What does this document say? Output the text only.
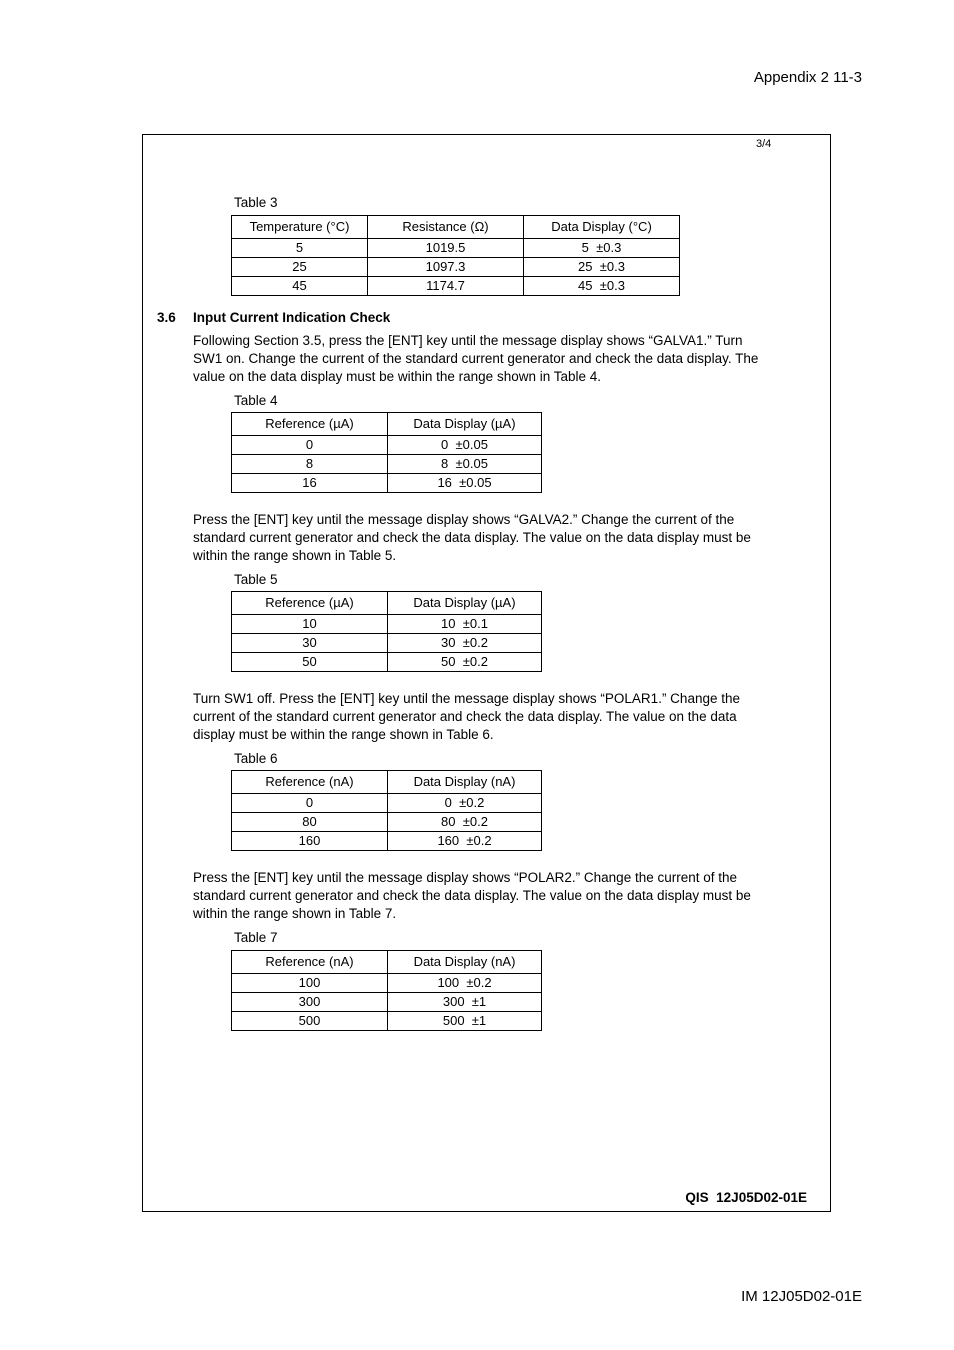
Appendix 2 11-3
3/4
Table 3
Temperature (°C)	Resistance (Ω)	Data Display (°C)
5	1019.5	5  ±0.3
25	1097.3	25  ±0.3
45	1174.7	45  ±0.3
3.6 Input Current Indication Check
Following Section 3.5, press the [ENT] key until the message display shows “GALVA1.” Turn SW1 on. Change the current of the standard current generator and check the data display. The value on the data display must be within the range shown in Table 4.
Table 4
Reference (µA)	Data Display (µA)
0	0  ±0.05
8	8  ±0.05
16	16  ±0.05
Press the [ENT] key until the message display shows “GALVA2.” Change the current of the standard current generator and check the data display. The value on the data display must be within the range shown in Table 5.
Table 5
Reference (µA)	Data Display (µA)
10	10  ±0.1
30	30  ±0.2
50	50  ±0.2
Turn SW1 off. Press the [ENT] key until the message display shows “POLAR1.” Change the current of the standard current generator and check the data display. The value on the data display must be within the range shown in Table 6.
Table 6
Reference (nA)	Data Display (nA)
0	0  ±0.2
80	80  ±0.2
160	160  ±0.2
Press the [ENT] key until the message display shows “POLAR2.” Change the current of the standard current generator and check the data display. The value on the data display must be within the range shown in Table 7.
Table 7
Reference (nA)	Data Display (nA)
100	100  ±0.2
300	300  ±1
500	500  ±1
QIS  12J05D02-01E
IM 12J05D02-01E
